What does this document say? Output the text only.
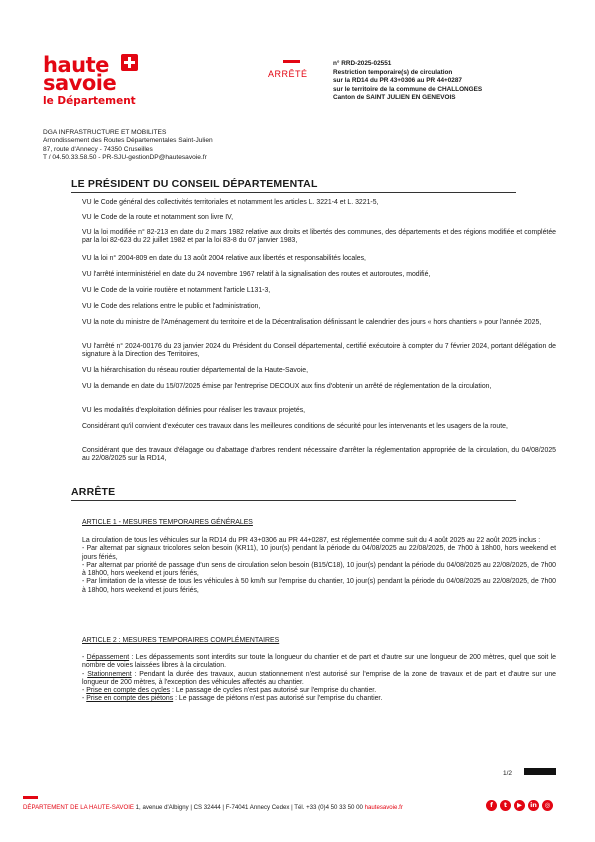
haute
savoie
le Département
ARRÊTÉ
n° RRD-2025-02551
Restriction temporaire(s) de circulation
sur la RD14 du PR 43+0306 au PR 44+0287
sur le territoire de la commune de CHALLONGES
Canton de SAINT JULIEN EN GENEVOIS
DGA INFRASTRUCTURE ET MOBILITES
Arrondissement des Routes Départementales Saint-Julien
87, route d'Annecy - 74350 Cruseilles
T / 04.50.33.58.50 - PR-SJU-gestionDP@hautesavoie.fr
LE PRÉSIDENT DU CONSEIL DÉPARTEMENTAL

VU le Code général des collectivités territoriales et notamment les articles L. 3221-4 et L. 3221-5,

VU le Code de la route et notamment son livre IV,

VU la loi modifiée n° 82-213 en date du 2 mars 1982 relative aux droits et libertés des communes, des départements et des régions modifiée et complétée par la loi 82-623 du 22 juillet 1982 et par la loi 83-8 du 07 janvier 1983,

VU la loi n° 2004-809 en date du 13 août 2004 relative aux libertés et responsabilités locales,

VU l'arrêté interministériel en date du 24 novembre 1967 relatif à la signalisation des routes et autoroutes, modifié,

VU le Code de la voirie routière et notamment l'article L131-3,

VU le Code des relations entre le public et l'administration,

VU la note du ministre de l'Aménagement du territoire et de la Décentralisation définissant le calendrier des jours « hors chantiers » pour l'année 2025,

VU l'arrêté n° 2024-00176 du 23 janvier 2024 du Président du Conseil départemental, certifié exécutoire à compter du 7 février 2024, portant délégation de signature à la Direction des Territoires,

VU la hiérarchisation du réseau routier départemental de la Haute-Savoie,

VU la demande en date du 15/07/2025 émise par l'entreprise DECOUX aux fins d'obtenir un arrêté de réglementation de la circulation,

VU les modalités d'exploitation définies pour réaliser les travaux projetés,

Considérant qu'il convient d'exécuter ces travaux dans les meilleures conditions de sécurité pour les intervenants et les usagers de la route,

Considérant que des travaux d'élagage ou d'abattage d'arbres rendent nécessaire d'arrêter la réglementation appropriée de la circulation, du 04/08/2025 au 22/08/2025 sur la RD14,

ARRÊTE
ARTICLE 1 - MESURES TEMPORAIRES GÉNÉRALES
La circulation de tous les véhicules sur la RD14 du PR 43+0306 au PR 44+0287, est réglementée comme suit du 4 août 2025 au 22 août 2025 inclus :
- Par alternat par signaux tricolores selon besoin (KR11), 10 jour(s) pendant la période du 04/08/2025 au 22/08/2025, de 7h00 à 18h00, hors weekend et jours fériés,
- Par alternat par priorité de passage d'un sens de circulation selon besoin (B15/C18), 10 jour(s) pendant la période du 04/08/2025 au 22/08/2025, de 7h00 à 18h00, hors weekend et jours fériés,
- Par limitation de la vitesse de tous les véhicules à 50 km/h sur l'emprise du chantier, 10 jour(s) pendant la période du 04/08/2025 au 22/08/2025, de 7h00 à 18h00, hors weekend et jours fériés,
ARTICLE 2 : MESURES TEMPORAIRES COMPLÉMENTAIRES
- Dépassement : Les dépassements sont interdits sur toute la longueur du chantier et de part et d'autre sur une longueur de 200 mètres, quel que soit le nombre de voies laissées libres à la circulation.
- Stationnement : Pendant la durée des travaux, aucun stationnement n'est autorisé sur l'emprise de la zone de travaux et de part et d'autre sur une longueur de 200 mètres, à l'exception des véhicules affectés au chantier.
- Prise en compte des cycles : Le passage de cycles n'est pas autorisé sur l'emprise du chantier.
- Prise en compte des piétons : Le passage de piétons n'est pas autorisé sur l'emprise du chantier.
1/2
DÉPARTEMENT DE LA HAUTE-SAVOIE 1, avenue d'Albigny | CS 32444 | F-74041 Annecy Cedex | Tél. +33 (0)4 50 33 50 00 hautesavoie.fr	f	t	▶	in	◎
